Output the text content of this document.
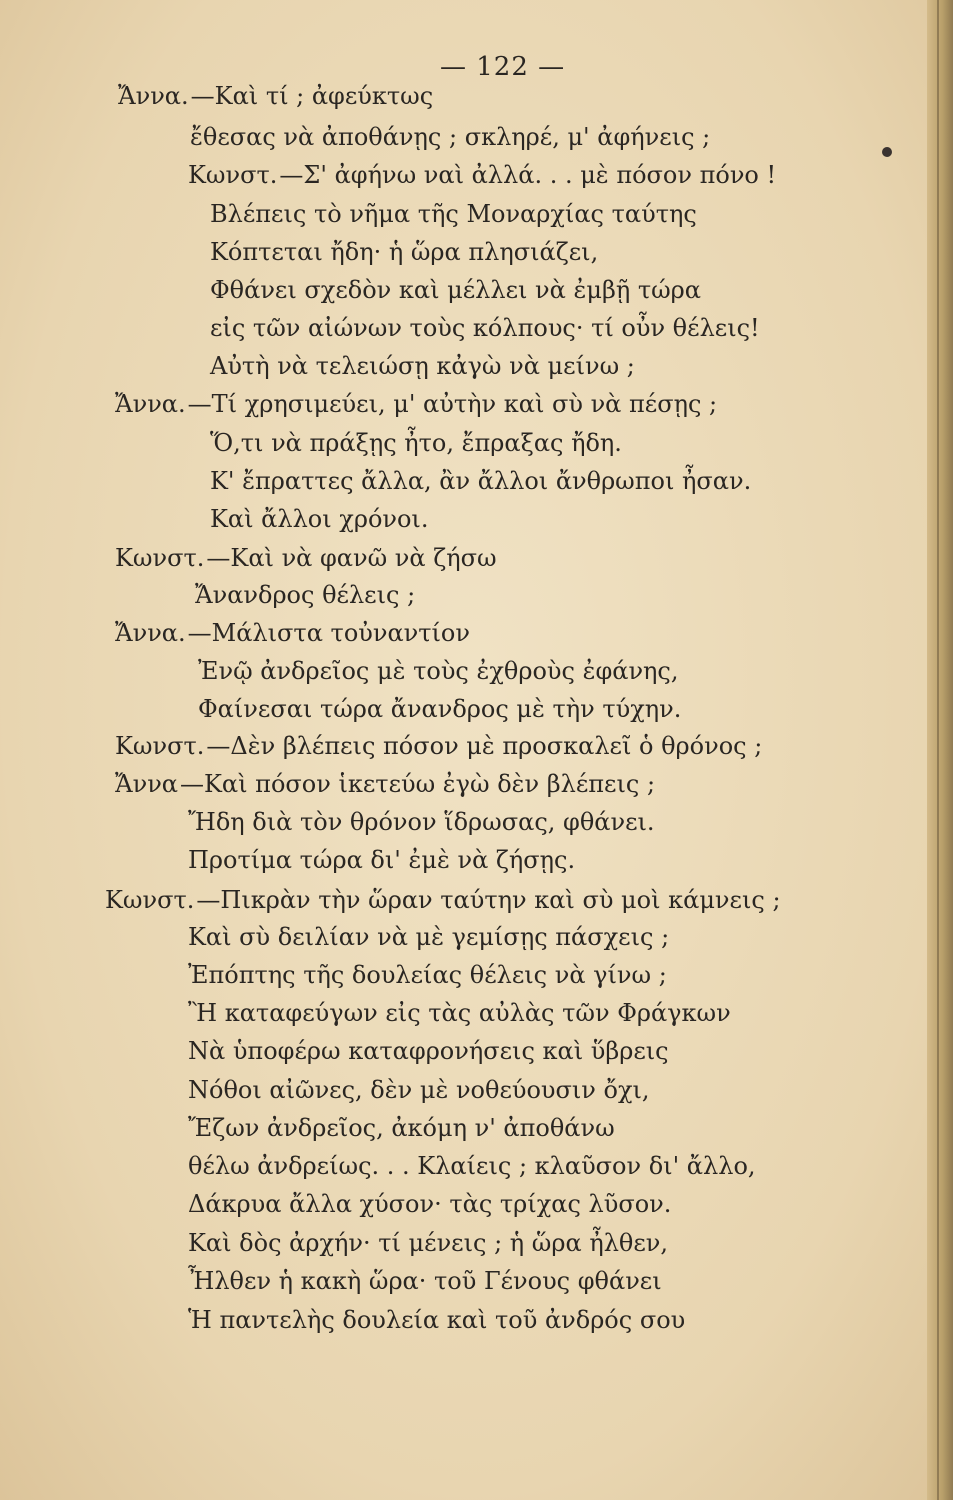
— 122 —
Ἄννα.—Καὶ τί ; ἀφεύκτως
ἔθεσας νὰ ἀποθάνῃς ; σκληρέ, μ' ἀφήνεις ;
Κωνστ.—Σ' ἀφήνω ναὶ ἀλλά. . . μὲ πόσον πόνο !
Βλέπεις τὸ νῆμα τῆς Μοναρχίας ταύτης
Κόπτεται ἤδη· ἡ ὥρα πλησιάζει,
Φθάνει σχεδὸν καὶ μέλλει νὰ ἐμβῇ τώρα
εἰς τῶν αἰώνων τοὺς κόλπους· τί οὖν θέλεις!
Αὐτὴ νὰ τελειώσῃ κἀγὼ νὰ μείνω ;
Ἄννα.—Τί χρησιμεύει, μ' αὐτὴν καὶ σὺ νὰ πέσῃς ;
Ὅ,τι νὰ πράξῃς ἦτο, ἔπραξας ἤδη.
Κ' ἔπραττες ἄλλα, ἂν ἄλλοι ἄνθρωποι ἦσαν.
Καὶ ἄλλοι χρόνοι.
Κωνστ.—Καὶ νὰ φανῶ νὰ ζήσω
Ἄνανδρος θέλεις ;
Ἄννα.—Μάλιστα τοὐναντίον
Ἐνῷ ἀνδρεῖος μὲ τοὺς ἐχθροὺς ἐφάνης,
Φαίνεσαι τώρα ἄνανδρος μὲ τὴν τύχην.
Κωνστ.—Δὲν βλέπεις πόσον μὲ προσκαλεῖ ὁ θρόνος ;
Ἄννα—Καὶ πόσον ἱκετεύω ἐγὼ δὲν βλέπεις ;
Ἤδη διὰ τὸν θρόνον ἵδρωσας, φθάνει.
Προτίμα τώρα δι' ἐμὲ νὰ ζήσῃς.
Κωνστ.—Πικρὰν τὴν ὥραν ταύτην καὶ σὺ μοὶ κάμνεις ;
Καὶ σὺ δειλίαν νὰ μὲ γεμίσῃς πάσχεις ;
Ἐπόπτης τῆς δουλείας θέλεις νὰ γίνω ;
Ἢ καταφεύγων εἰς τὰς αὐλὰς τῶν Φράγκων
Νὰ ὑποφέρω καταφρονήσεις καὶ ὕβρεις
Νόθοι αἰῶνες, δὲν μὲ νοθεύουσιν ὄχι,
Ἔζων ἀνδρεῖος, ἀκόμη ν' ἀποθάνω
θέλω ἀνδρείως. . . Κλαίεις ; κλαῦσον δι' ἄλλο,
Δάκρυα ἄλλα χύσον· τὰς τρίχας λῦσον.
Καὶ δὸς ἀρχήν· τί μένεις ; ἡ ὥρα ἦλθεν,
Ἦλθεν ἡ κακὴ ὥρα· τοῦ Γένους φθάνει
Ἡ παντελὴς δουλεία καὶ τοῦ ἀνδρός σου
